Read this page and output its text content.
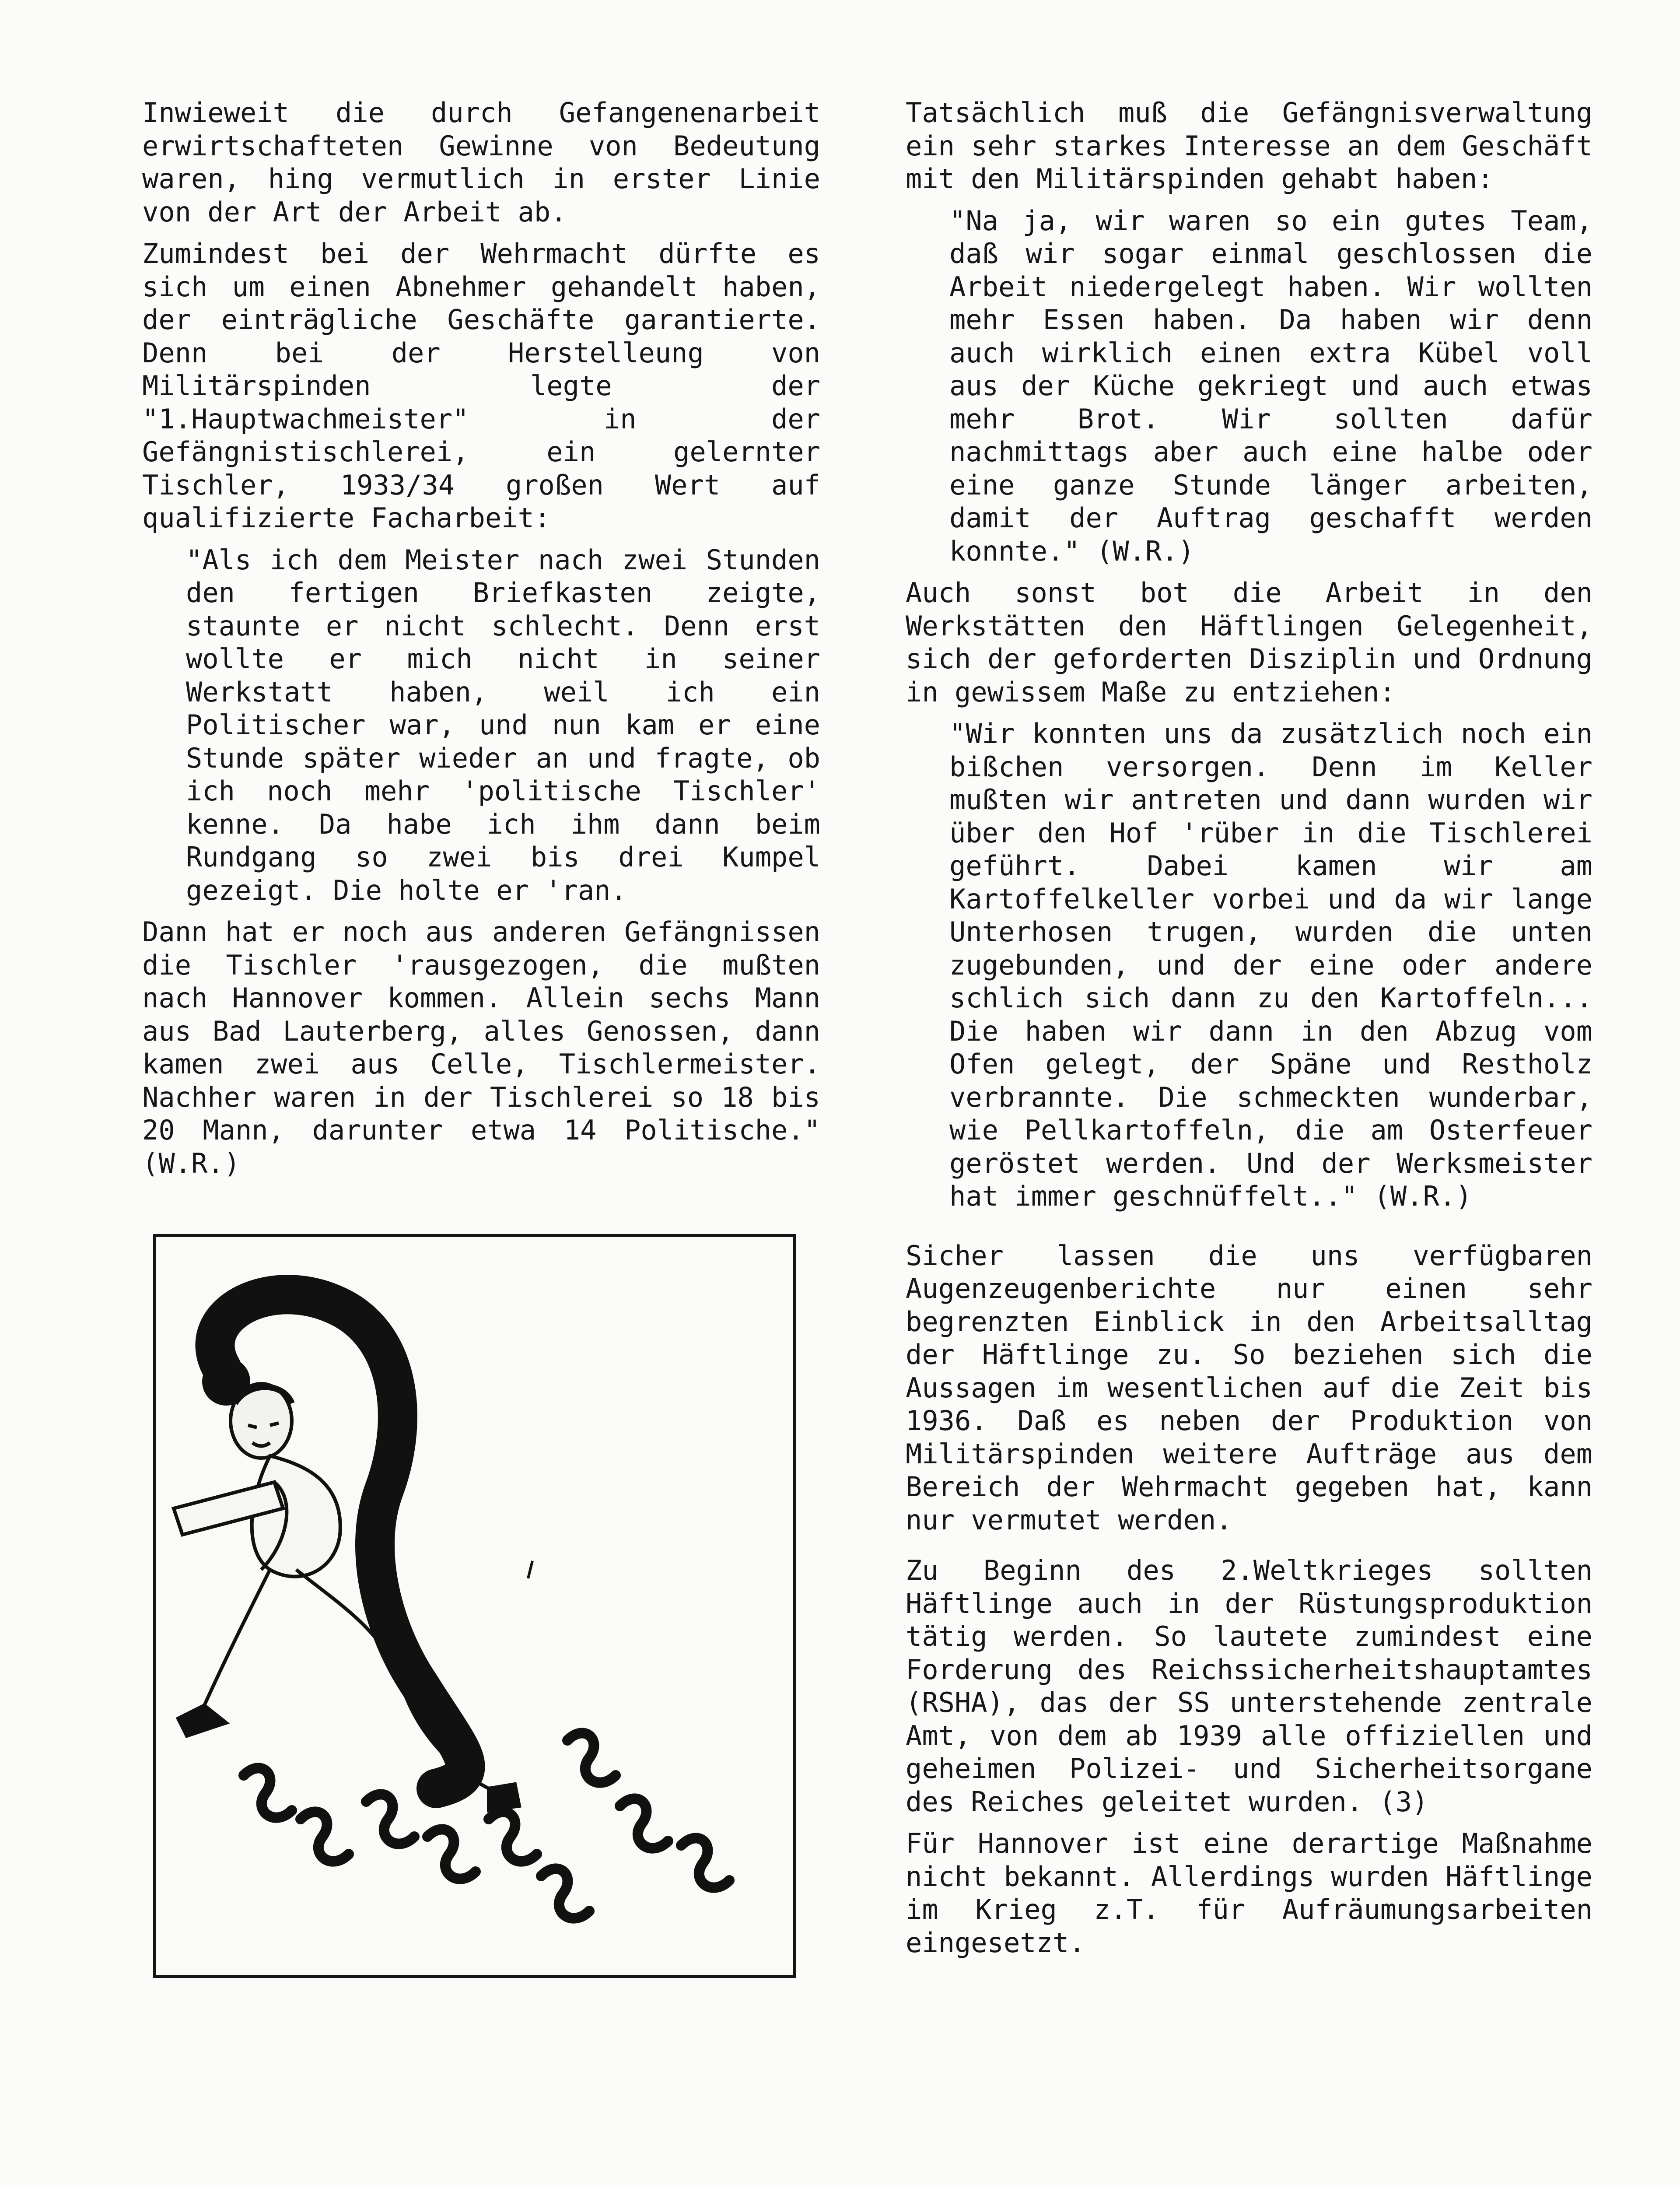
Inwieweit die durch Gefangenenarbeit erwirtschafteten Gewinne von Bedeutung waren, hing vermutlich in erster Linie von der Art der Arbeit ab.

Zumindest bei der Wehrmacht dürfte es sich um einen Abnehmer gehandelt haben, der einträgliche Geschäfte garantierte. Denn bei der Herstelleung von Militärspinden legte der "1.Hauptwachmeister" in der Gefängnistischlerei, ein gelernter Tischler, 1933/34 großen Wert auf qualifizierte Facharbeit:

"Als ich dem Meister nach zwei Stunden den fertigen Briefkasten zeigte, staunte er nicht schlecht. Denn erst wollte er mich nicht in seiner Werkstatt haben, weil ich ein Politischer war, und nun kam er eine Stunde später wieder an und fragte, ob ich noch mehr 'politische Tischler' kenne. Da habe ich ihm dann beim Rundgang so zwei bis drei Kumpel gezeigt. Die holte er 'ran.

Dann hat er noch aus anderen Gefängnissen die Tischler 'rausgezogen, die mußten nach Hannover kommen. Allein sechs Mann aus Bad Lauterberg, alles Genossen, dann kamen zwei aus Celle, Tischlermeister. Nachher waren in der Tischlerei so 18 bis 20 Mann, darunter etwa 14 Politische." (W.R.)

Tatsächlich muß die Gefängnisverwaltung ein sehr starkes Interesse an dem Geschäft mit den Militärspinden gehabt haben:

"Na ja, wir waren so ein gutes Team, daß wir sogar einmal geschlossen die Arbeit niedergelegt haben. Wir wollten mehr Essen haben. Da haben wir denn auch wirklich einen extra Kübel voll aus der Küche gekriegt und auch etwas mehr Brot. Wir sollten dafür nachmittags aber auch eine halbe oder eine ganze Stunde länger arbeiten, damit der Auftrag geschafft werden konnte." (W.R.)

Auch sonst bot die Arbeit in den Werkstätten den Häftlingen Gelegenheit, sich der geforderten Disziplin und Ordnung in gewissem Maße zu entziehen:

"Wir konnten uns da zusätzlich noch ein bißchen versorgen. Denn im Keller mußten wir antreten und dann wurden wir über den Hof 'rüber in die Tischlerei geführt. Dabei kamen wir am Kartoffelkeller vorbei und da wir lange Unterhosen trugen, wurden die unten zugebunden, und der eine oder andere schlich sich dann zu den Kartoffeln... Die haben wir dann in den Abzug vom Ofen gelegt, der Späne und Restholz verbrannte. Die schmeckten wunderbar, wie Pellkartoffeln, die am Osterfeuer geröstet werden. Und der Werksmeister hat immer geschnüffelt.." (W.R.)

Sicher lassen die uns verfügbaren Augenzeugenberichte nur einen sehr begrenzten Einblick in den Arbeitsalltag der Häftlinge zu. So beziehen sich die Aussagen im wesentlichen auf die Zeit bis 1936. Daß es neben der Produktion von Militärspinden weitere Aufträge aus dem Bereich der Wehrmacht gegeben hat, kann nur vermutet werden.

Zu Beginn des 2.Weltkrieges sollten Häftlinge auch in der Rüstungsproduktion tätig werden. So lautete zumindest eine Forderung des Reichssicherheitshauptamtes (RSHA), das der SS unterstehende zentrale Amt, von dem ab 1939 alle offiziellen und geheimen Polizei- und Sicherheitsorgane des Reiches geleitet wurden. (3)

Für Hannover ist eine derartige Maßnahme nicht bekannt. Allerdings wurden Häftlinge im Krieg z.T. für Aufräumungsarbeiten eingesetzt.
